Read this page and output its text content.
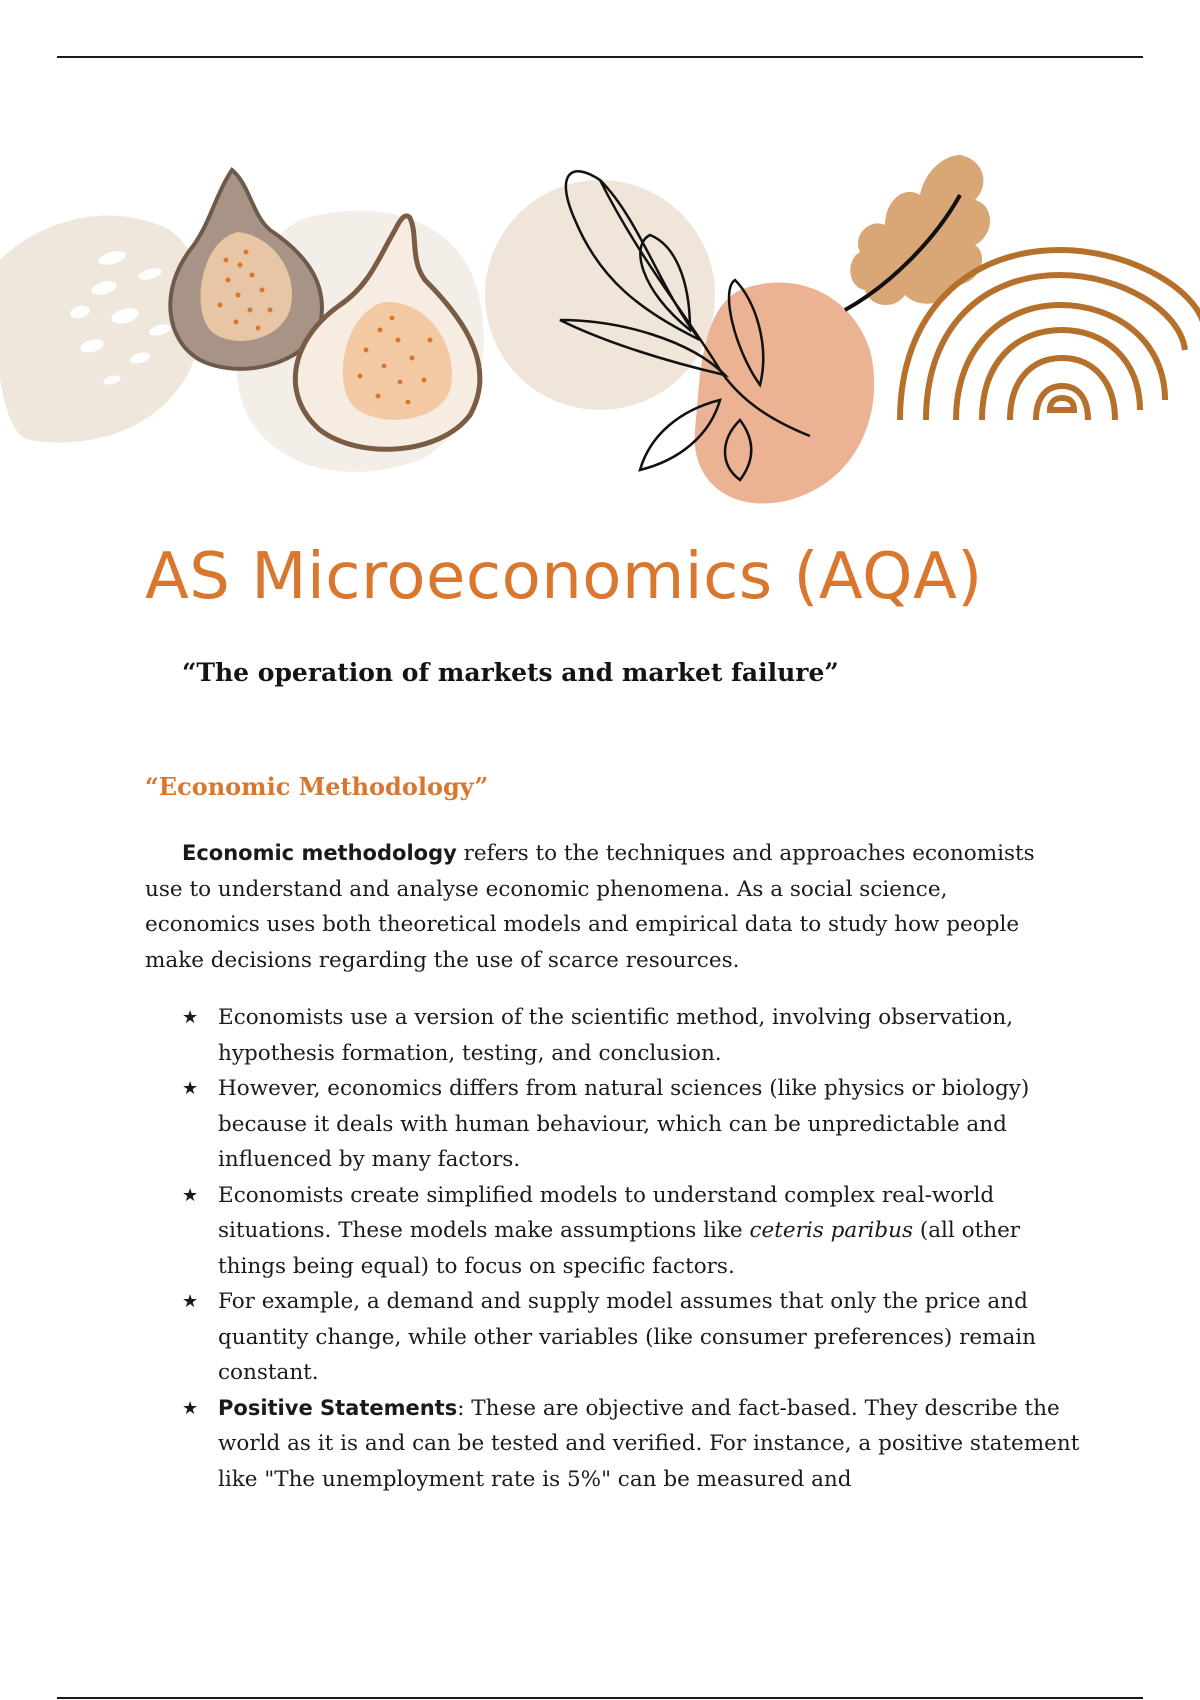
AS Microeconomics (AQA)
“The operation of markets and market failure”
“Economic Methodology”

Economic methodology refers to the techniques and approaches economists use to understand and analyse economic phenomena. As a social science, economics uses both theoretical models and empirical data to study how people make decisions regarding the use of scarce resources.

★ Economists use a version of the scientific method, involving observation, hypothesis formation, testing, and conclusion.
★ However, economics differs from natural sciences (like physics or biology) because it deals with human behaviour, which can be unpredictable and influenced by many factors.
★ Economists create simplified models to understand complex real-world situations. These models make assumptions like ceteris paribus (all other things being equal) to focus on specific factors.
★ For example, a demand and supply model assumes that only the price and quantity change, while other variables (like consumer preferences) remain constant.
★ Positive Statements: These are objective and fact-based. They describe the world as it is and can be tested and verified. For instance, a positive statement like "The unemployment rate is 5%" can be measured and
